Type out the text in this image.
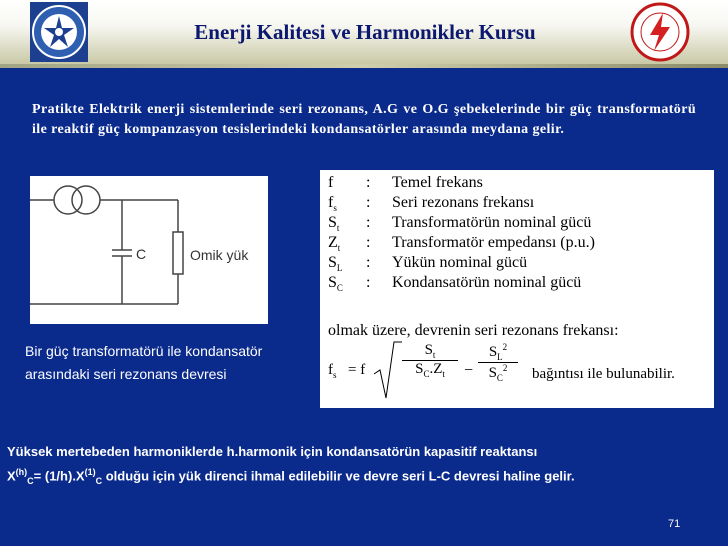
Enerji Kalitesi ve Harmonikler Kursu
Pratikte Elektrik enerji sistemlerinde seri rezonans, A.G ve O.G şebekelerinde bir güç transformatörü ile reaktif güç kompanzasyon tesislerindeki kondansatörler arasında meydana gelir.
C	Omik yük
Bir güç transformatörü ile kondansatör
arasındaki seri rezonans devresi
f	: Temel frekans
$f_s$	: Seri rezonans frekansı
$S_t$	: Transformatörün nominal gücü
$Z_t$	: Transformatör empedansı (p.u.)
$S_L$	: Yükün nominal gücü
$S_C$	: Kondansatörün nominal gücü
olmak üzere, devrenin seri rezonans frekansı:
$f_s = f$
$S_t$
$S_C.Z_t$	−
$S_L^2$
$S_C^2$	bağıntısı ile bulunabilir.
Yüksek mertebeden harmoniklerde h.harmonik için kondansatörün kapasitif reaktansı
$X^{(h)}_C= (1/h).X^{(1)}_C$ olduğu için yük direnci ihmal edilebilir ve devre seri L-C devresi haline gelir.
71
